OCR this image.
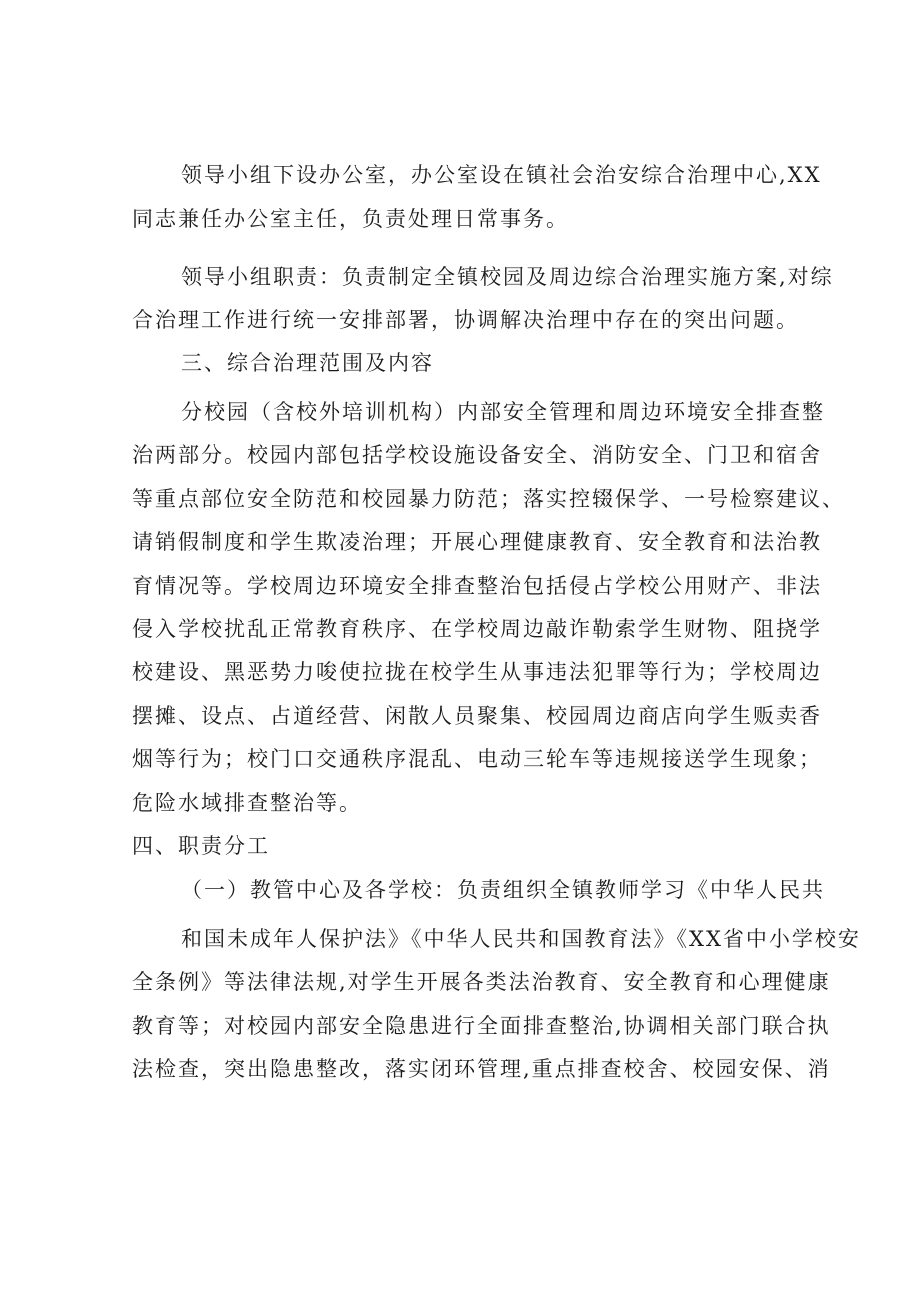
领导小组下设办公室，办公室设在镇社会治安综合治理中心,XX
同志兼任办公室主任，负责处理日常事务。
领导小组职责：负责制定全镇校园及周边综合治理实施方案,对综
合治理工作进行统一安排部署，协调解决治理中存在的突出问题。
三、综合治理范围及内容
分校园（含校外培训机构）内部安全管理和周边环境安全排查整
治两部分。校园内部包括学校设施设备安全、消防安全、门卫和宿舍
等重点部位安全防范和校园暴力防范；落实控辍保学、一号检察建议、
请销假制度和学生欺凌治理；开展心理健康教育、安全教育和法治教
育情况等。学校周边环境安全排查整治包括侵占学校公用财产、非法
侵入学校扰乱正常教育秩序、在学校周边敲诈勒索学生财物、阻挠学
校建设、黑恶势力唆使拉拢在校学生从事违法犯罪等行为；学校周边
摆摊、设点、占道经营、闲散人员聚集、校园周边商店向学生贩卖香
烟等行为；校门口交通秩序混乱、电动三轮车等违规接送学生现象；
危险水域排查整治等。
四、职责分工
（一）教管中心及各学校：负责组织全镇教师学习《中华人民共
和国未成年人保护法》《中华人民共和国教育法》《XX省中小学校安
全条例》等法律法规,对学生开展各类法治教育、安全教育和心理健康
教育等；对校园内部安全隐患进行全面排查整治,协调相关部门联合执
法检查，突出隐患整改，落实闭环管理,重点排查校舍、校园安保、消
